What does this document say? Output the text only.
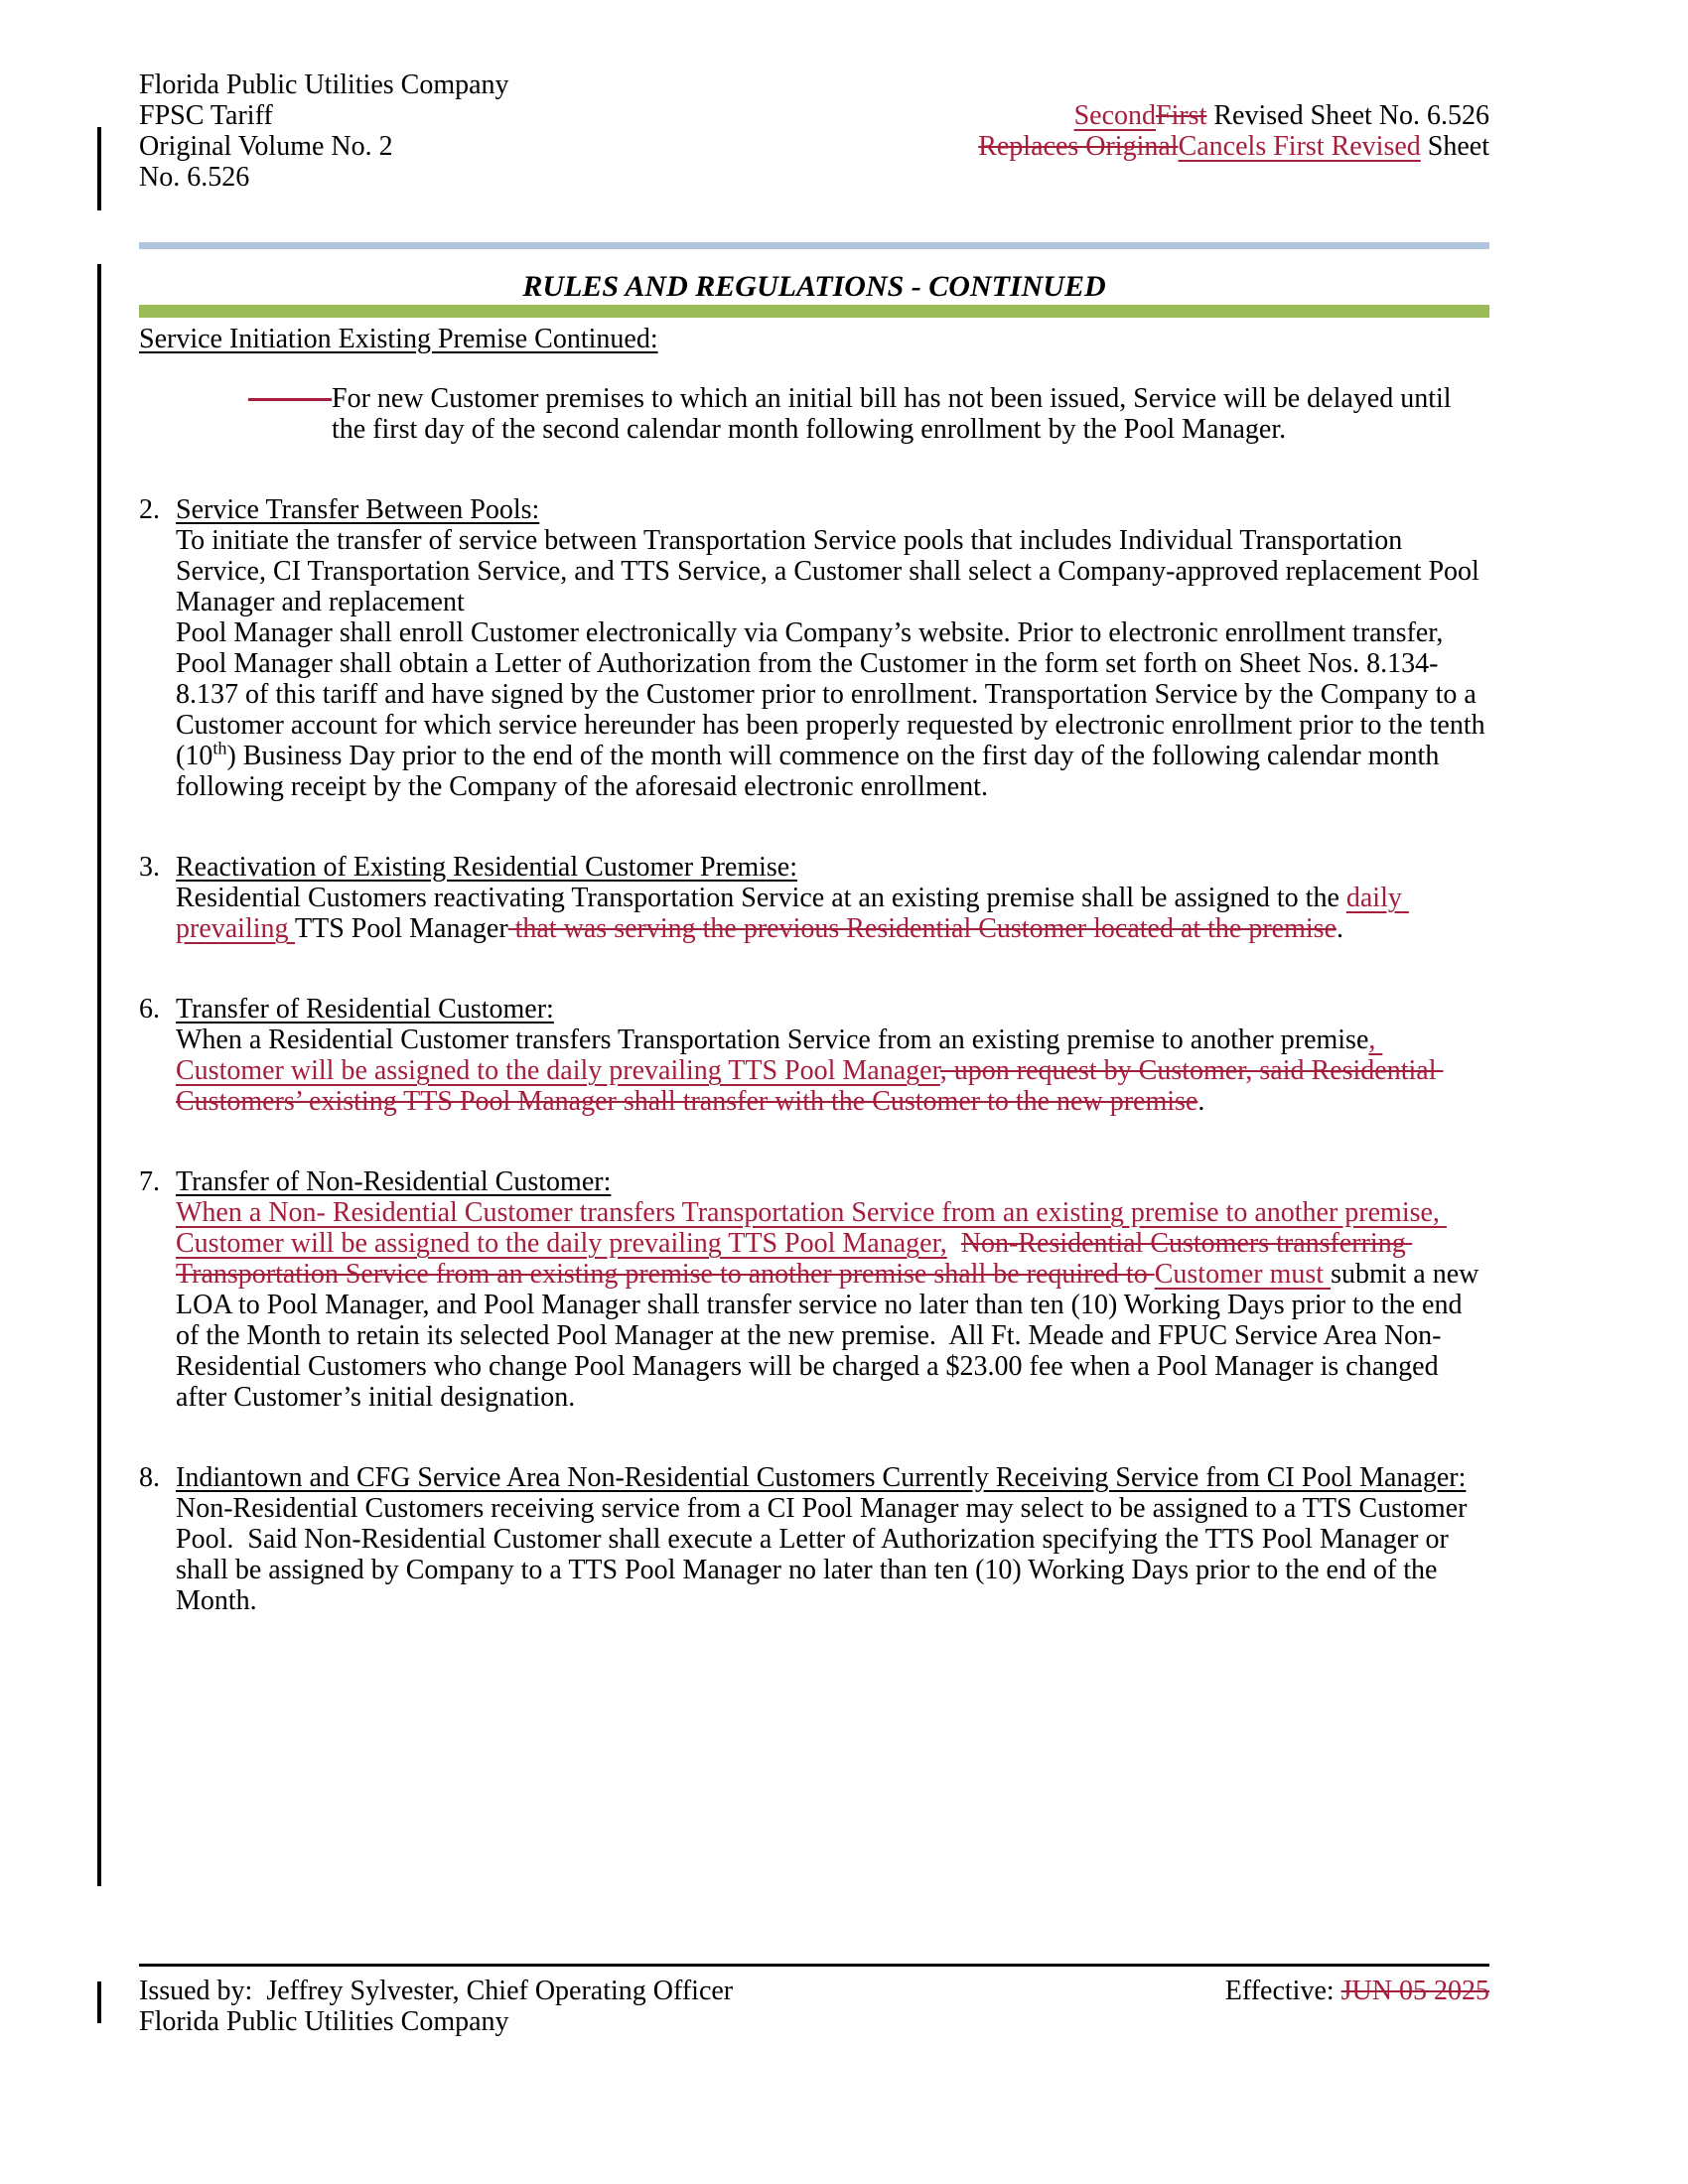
Florida Public Utilities Company
FPSC Tariff
Original Volume No. 2
No. 6.526
SecondFirst Revised Sheet No. 6.526
Replaces OriginalCancels First Revised Sheet
RULES AND REGULATIONS - CONTINUED
Service Initiation Existing Premise Continued:
———For new Customer premises to which an initial bill has not been issued, Service will be delayed until the first day of the second calendar month following enrollment by the Pool Manager.
2. Service Transfer Between Pools:
To initiate the transfer of service between Transportation Service pools that includes Individual Transportation Service, CI Transportation Service, and TTS Service, a Customer shall select a Company-approved replacement Pool Manager and replacement
Pool Manager shall enroll Customer electronically via Company’s website. Prior to electronic enrollment transfer, Pool Manager shall obtain a Letter of Authorization from the Customer in the form set forth on Sheet Nos. 8.134-8.137 of this tariff and have signed by the Customer prior to enrollment. Transportation Service by the Company to a Customer account for which service hereunder has been properly requested by electronic enrollment prior to the tenth (10th) Business Day prior to the end of the month will commence on the first day of the following calendar month following receipt by the Company of the aforesaid electronic enrollment.
3. Reactivation of Existing Residential Customer Premise:
Residential Customers reactivating Transportation Service at an existing premise shall be assigned to the daily prevailing TTS Pool Manager that was serving the previous Residential Customer located at the premise.
6. Transfer of Residential Customer:
When a Residential Customer transfers Transportation Service from an existing premise to another premise, Customer will be assigned to the daily prevailing TTS Pool Manager, upon request by Customer, said Residential Customers’ existing TTS Pool Manager shall transfer with the Customer to the new premise.
7. Transfer of Non-Residential Customer:
When a Non- Residential Customer transfers Transportation Service from an existing premise to another premise, Customer will be assigned to the daily prevailing TTS Pool Manager, Non-Residential Customers transferring Transportation Service from an existing premise to another premise shall be required to Customer must submit a new LOA to Pool Manager, and Pool Manager shall transfer service no later than ten (10) Working Days prior to the end of the Month to retain its selected Pool Manager at the new premise.  All Ft. Meade and FPUC Service Area Non-Residential Customers who change Pool Managers will be charged a $23.00 fee when a Pool Manager is changed after Customer’s initial designation.
8. Indiantown and CFG Service Area Non-Residential Customers Currently Receiving Service from CI Pool Manager:
Non-Residential Customers receiving service from a CI Pool Manager may select to be assigned to a TTS Customer Pool.  Said Non-Residential Customer shall execute a Letter of Authorization specifying the TTS Pool Manager or shall be assigned by Company to a TTS Pool Manager no later than ten (10) Working Days prior to the end of the Month.
Issued by:  Jeffrey Sylvester, Chief Operating Officer	Effective: JUN 05 2025
Florida Public Utilities Company
